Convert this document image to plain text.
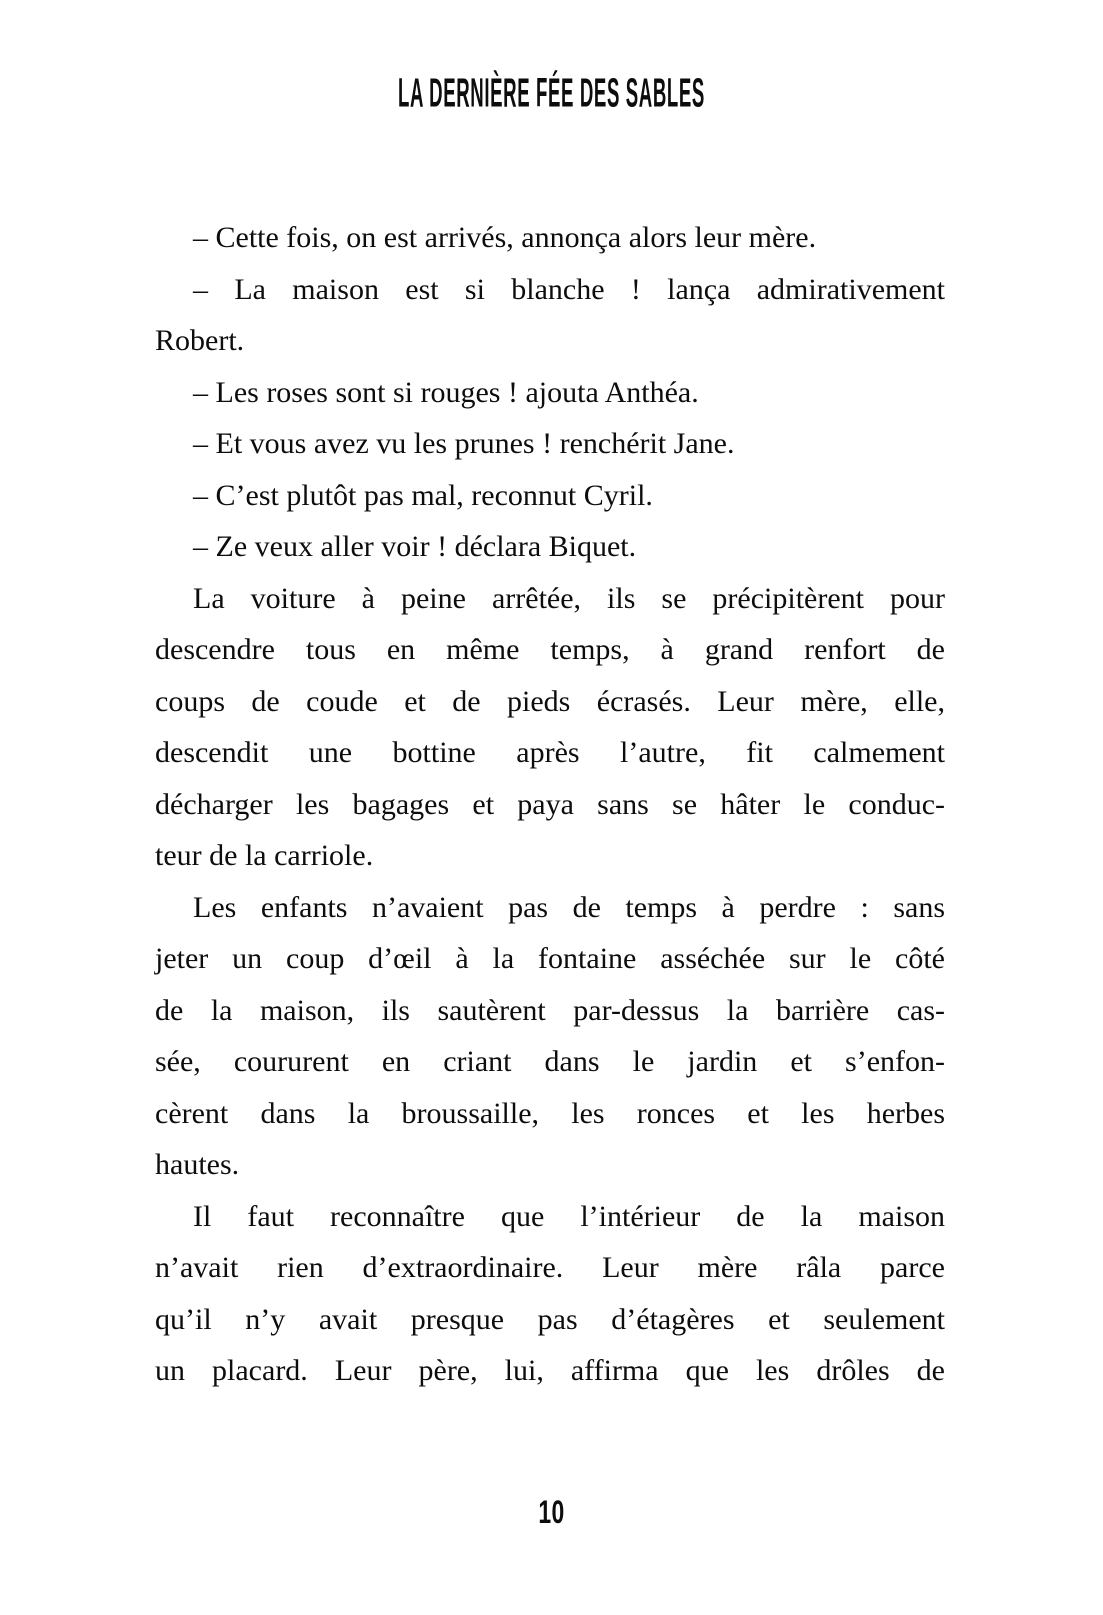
LA DERNIÈRE FÉE DES SABLES
– Cette fois, on est arrivés, annonça alors leur mère.
– La maison est si blanche ! lança admirativement
Robert.
– Les roses sont si rouges ! ajouta Anthéa.
– Et vous avez vu les prunes ! renchérit Jane.
– C’est plutôt pas mal, reconnut Cyril.
– Ze veux aller voir ! déclara Biquet.
La voiture à peine arrêtée, ils se précipitèrent pour
descendre tous en même temps, à grand renfort de
coups de coude et de pieds écrasés. Leur mère, elle,
descendit une bottine après l’autre, fit calmement
décharger les bagages et paya sans se hâter le conduc-
teur de la carriole.
Les enfants n’avaient pas de temps à perdre : sans
jeter un coup d’œil à la fontaine asséchée sur le côté
de la maison, ils sautèrent par-dessus la barrière cas-
sée, coururent en criant dans le jardin et s’enfon-
cèrent dans la broussaille, les ronces et les herbes
hautes.
Il faut reconnaître que l’intérieur de la maison
n’avait rien d’extraordinaire. Leur mère râla parce
qu’il n’y avait presque pas d’étagères et seulement
un placard. Leur père, lui, affirma que les drôles de
10
